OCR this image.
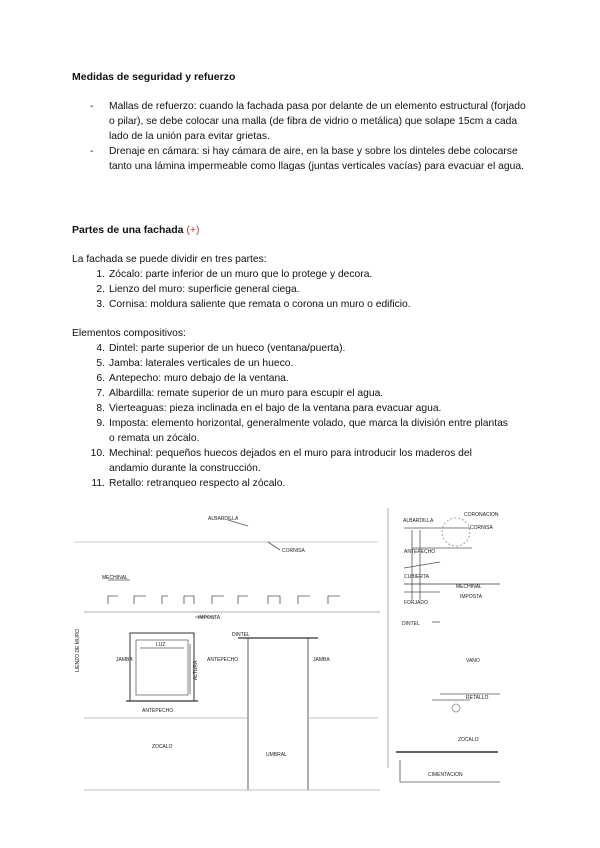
Medidas de seguridad y refuerzo
- Mallas de refuerzo: cuando la fachada pasa por delante de un elemento estructural (forjado o pilar), se debe colocar una malla (de fibra de vidrio o metálica) que solape 15cm a cada lado de la unión para evitar grietas.
- Drenaje en cámara: si hay cámara de aire, en la base y sobre los dinteles debe colocarse tanto una lámina impermeable como llagas (juntas verticales vacías) para evacuar el agua.
Partes de una fachada (+)

La fachada se puede dividir en tres partes:

1. Zócalo: parte inferior de un muro que lo protege y decora.
2. Lienzo del muro: superficie general ciega.
3. Cornisa: moldura saliente que remata o corona un muro o edificio.

Elementos compositivos:

4. Dintel: parte superior de un hueco (ventana/puerta).
5. Jamba: laterales verticales de un hueco.
6. Antepecho: muro debajo de la ventana.
7. Albardilla: remate superior de un muro para escupir el agua.
8. Vierteaguas: pieza inclinada en el bajo de la ventana para evacuar agua.
9. Imposta: elemento horizontal, generalmente volado, que marca la división entre plantas o remata un zócalo.
10. Mechinal: pequeños huecos dejados en el muro para introducir los maderos del andamio durante la construcción.
11. Retallo: retranqueo respecto al zócalo.
ALBARDILLA
CORNISA
MECHINAL
IMPOSTA
LIENZO DE MURO	DINTEL
JAMBA
LUZ
ALTURA
ANTEPECHO	JAMBA
ANTEPECHO
ZOCALO
UMBRAL
ALBARDILLA
CORONACION
CORNISA
ANTEPECHO
CUBIERTA
MECHINAL
FORJADO
IMPOSTA
DINTEL
VANO
RETALLO
ZOCALO
CIMENTACION
